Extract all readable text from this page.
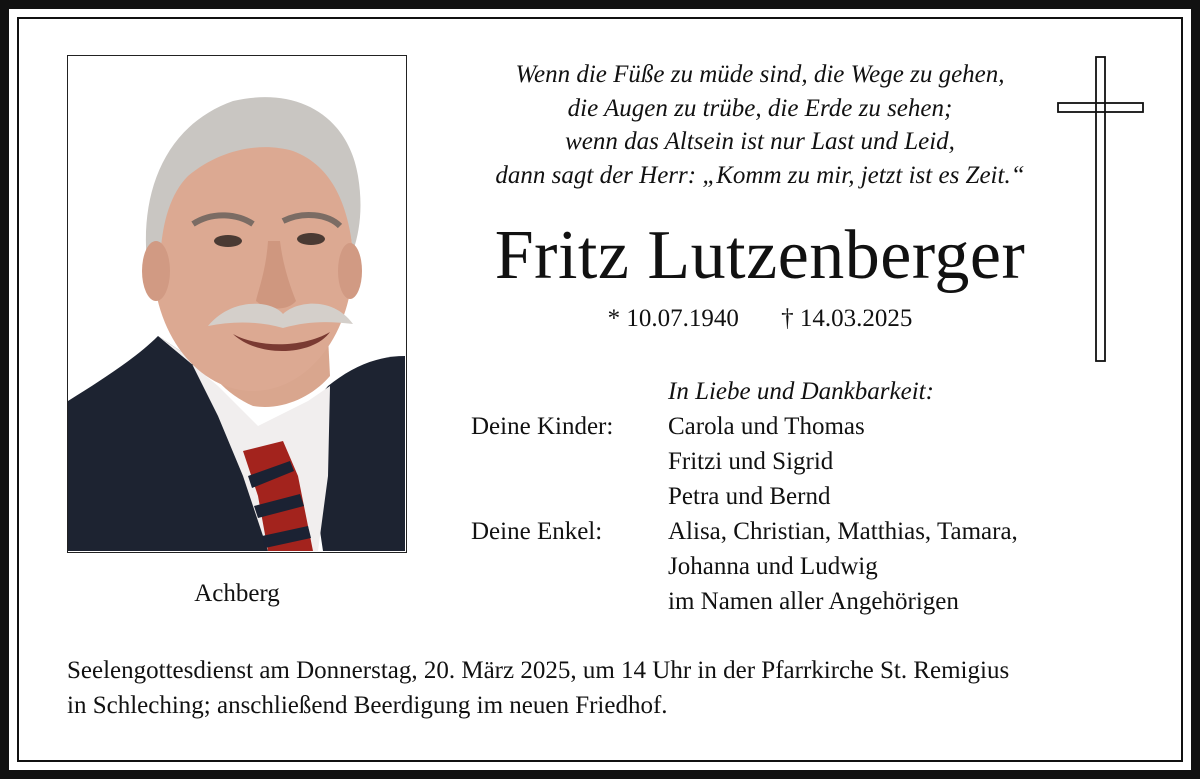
Achberg
Wenn die Füße zu müde sind, die Wege zu gehen,
die Augen zu trübe, die Erde zu sehen;
wenn das Altsein ist nur Last und Leid,
dann sagt der Herr: „Komm zu mir, jetzt ist es Zeit.“
Fritz Lutzenberger
* 10.07.1940 † 14.03.2025
In Liebe und Dankbarkeit:
Deine Kinder:	Carola und Thomas
Fritzi und Sigrid
Petra und Bernd
Deine Enkel:	Alisa, Christian, Matthias, Tamara,
Johanna und Ludwig
im Namen aller Angehörigen
Seelengottesdienst am Donnerstag, 20. März 2025, um 14 Uhr in der Pfarrkirche St. Remigius
in Schleching; anschließend Beerdigung im neuen Friedhof.
